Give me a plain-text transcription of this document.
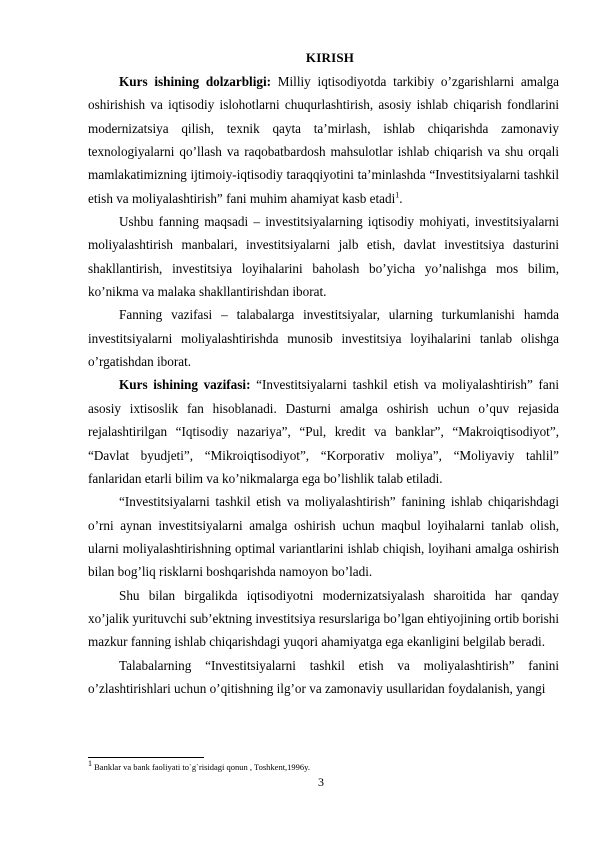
KIRISH

Kurs ishining dolzarbligi: Milliy iqtisodiyotda tarkibiy o’zgarishlarni amalga oshirishish va iqtisodiy islohotlarni chuqurlashtirish, asosiy ishlab chiqarish fondlarini modernizatsiya qilish, texnik qayta ta’mirlash, ishlab chiqarishda zamonaviy texnologiyalarni qo’llash va raqobatbardosh mahsulotlar ishlab chiqarish va shu orqali mamlakatimizning ijtimoiy-iqtisodiy taraqqiyotini ta’minlashda “Investitsiyalarni tashkil etish va moliyalashtirish” fani muhim ahamiyat kasb etadi$^1$.

Ushbu fanning maqsadi – investitsiyalarning iqtisodiy mohiyati, investitsiyalarni moliyalashtirish manbalari, investitsiyalarni jalb etish, davlat investitsiya dasturini shakllantirish, investitsiya loyihalarini baholash bo’yicha yo’nalishga mos bilim, ko’nikma va malaka shakllantirishdan iborat.

Fanning vazifasi – talabalarga investitsiyalar, ularning turkumlanishi hamda investitsiyalarni moliyalashtirishda munosib investitsiya loyihalarini tanlab olishga o’rgatishdan iborat.

Kurs ishining vazifasi: “Investitsiyalarni tashkil etish va moliyalashtirish” fani asosiy ixtisoslik fan hisoblanadi. Dasturni amalga oshirish uchun o’quv rejasida rejalashtirilgan “Iqtisodiy nazariya”, “Pul, kredit va banklar”, “Makroiqtisodiyot”, “Davlat byudjeti”, “Mikroiqtisodiyot”, “Korporativ moliya”, “Moliyaviy tahlil” fanlaridan etarli bilim va ko’nikmalarga ega bo’lishlik talab etiladi.

“Investitsiyalarni tashkil etish va moliyalashtirish” fanining ishlab chiqarishdagi o’rni aynan investitsiyalarni amalga oshirish uchun maqbul loyihalarni tanlab olish, ularni moliyalashtirishning optimal variantlarini ishlab chiqish, loyihani amalga oshirish bilan bog’liq risklarni boshqarishda namoyon bo’ladi.

Shu bilan birgalikda iqtisodiyotni modernizatsiyalash sharoitida har qanday xo’jalik yurituvchi sub’ektning investitsiya resurslariga bo’lgan ehtiyojining ortib borishi mazkur fanning ishlab chiqarishdagi yuqori ahamiyatga ega ekanligini belgilab beradi.

Talabalarning “Investitsiyalarni tashkil etish va moliyalashtirish” fanini o’zlashtirishlari uchun o’qitishning ilg’or va zamonaviy usullaridan foydalanish, yangi

$^1$ Banklar va bank faoliyati to`g`risidagi qonun , Toshkent,1996y.
3
